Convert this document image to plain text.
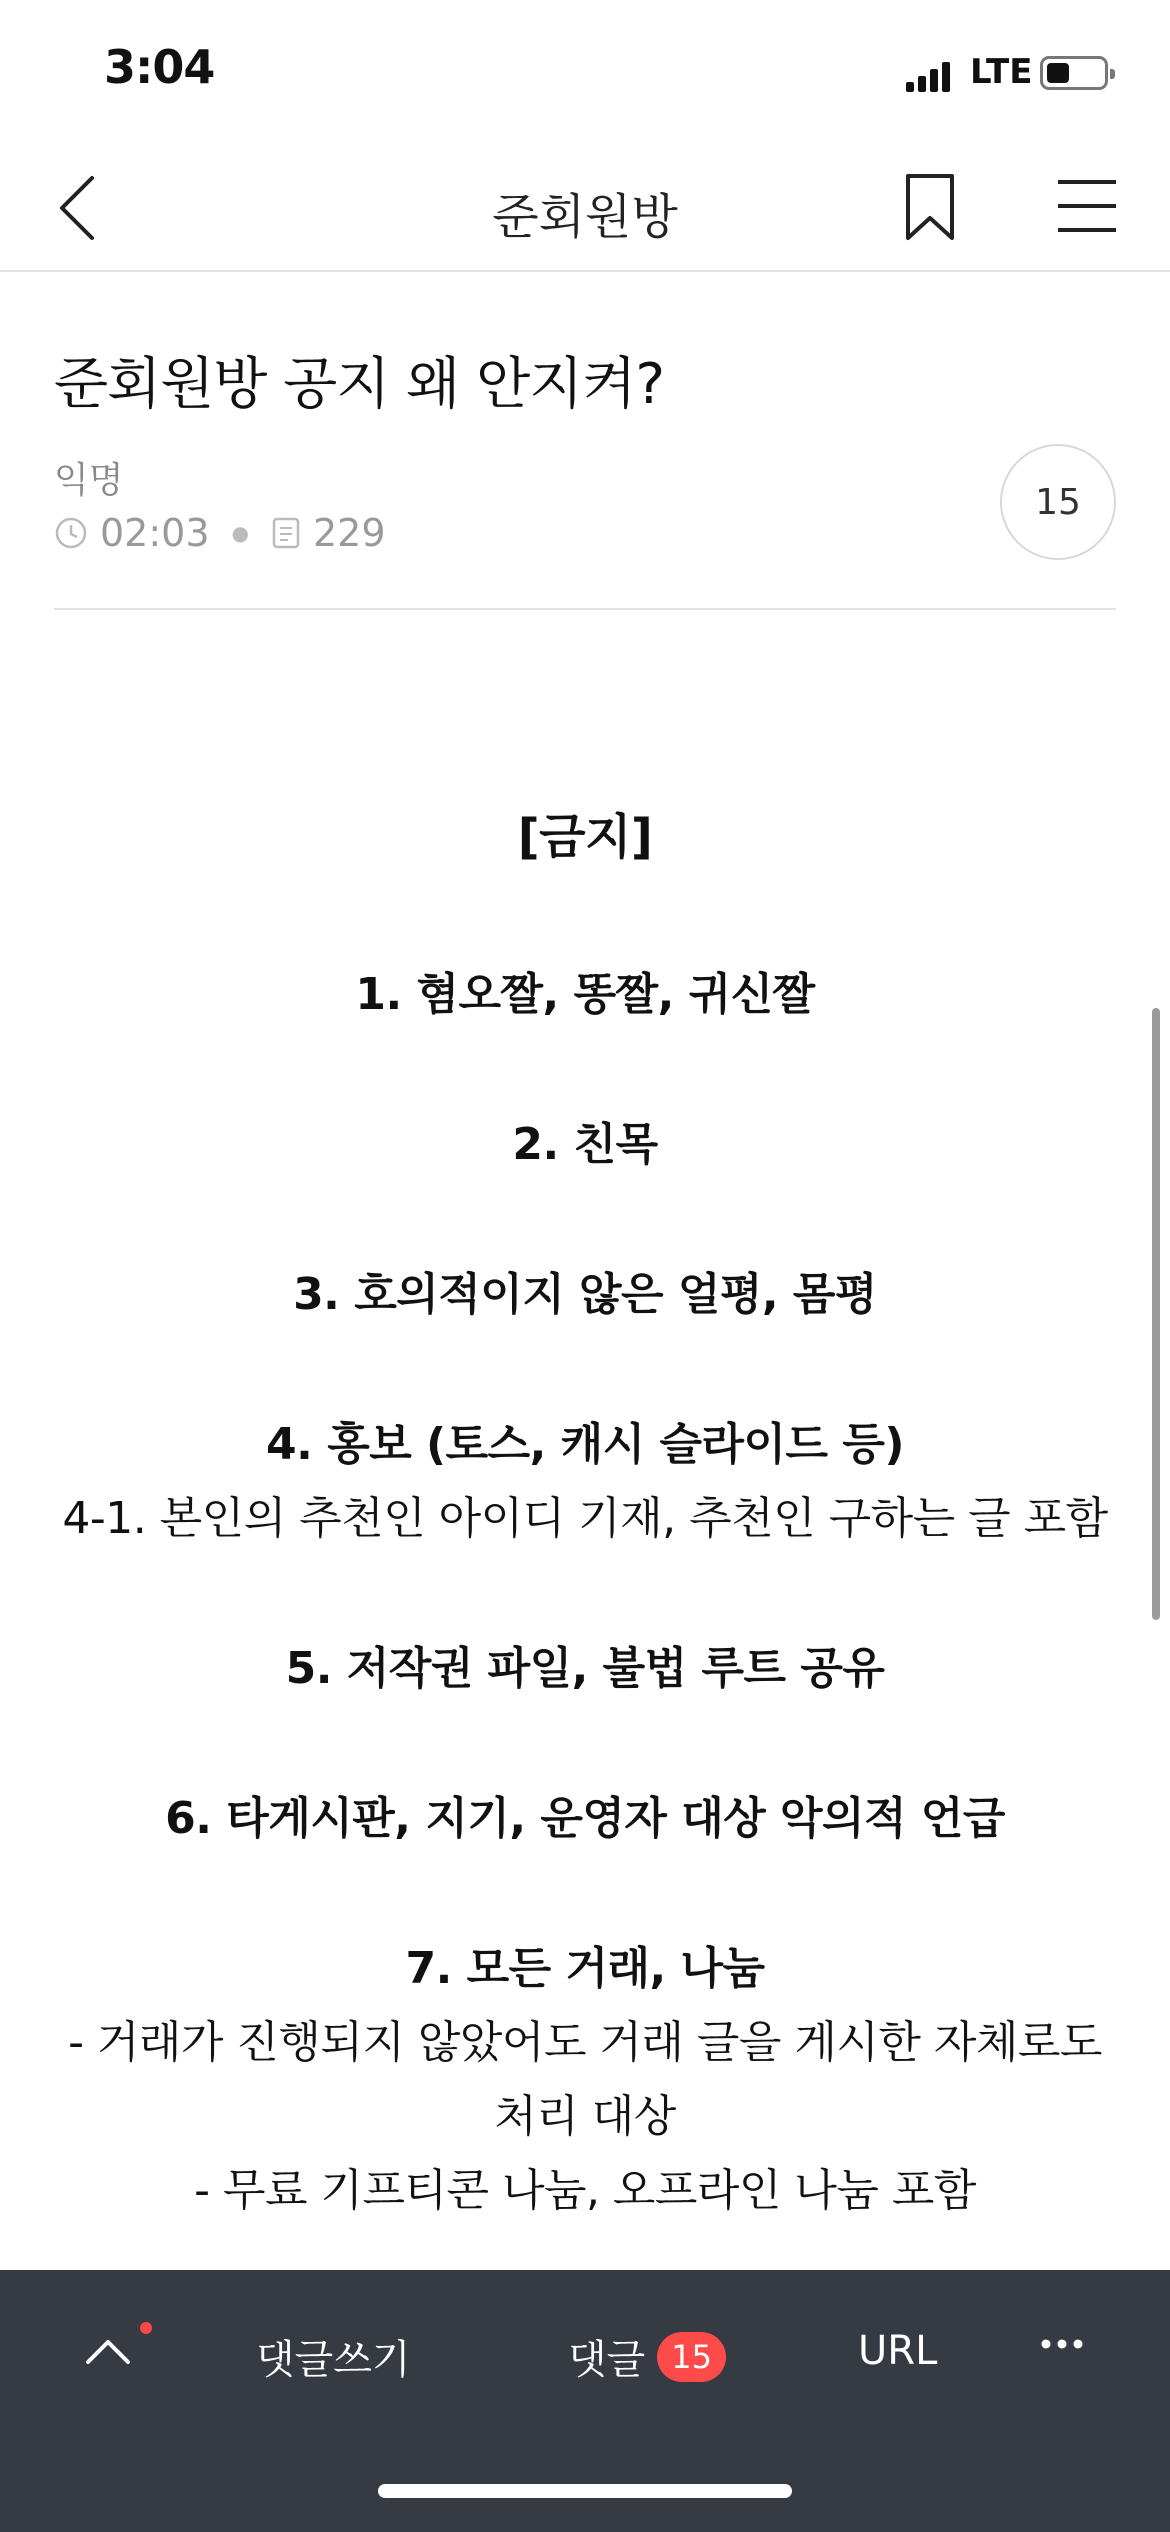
3:04	LTE
준회원방
준회원방 공지 왜 안지켜?
익명
02:03 ● 229
15
[금지]
1. 혐오짤, 똥짤, 귀신짤
2. 친목
3. 호의적이지 않은 얼평, 몸평
4. 홍보 (토스, 캐시 슬라이드 등)
4-1. 본인의 추천인 아이디 기재, 추천인 구하는 글 포함
5. 저작권 파일, 불법 루트 공유
6. 타게시판, 지기, 운영자 대상 악의적 언급
7. 모든 거래, 나눔
- 거래가 진행되지 않았어도 거래 글을 게시한 자체로도
처리 대상
- 무료 기프티콘 나눔, 오프라인 나눔 포함
댓글쓰기	댓글 15	URL
